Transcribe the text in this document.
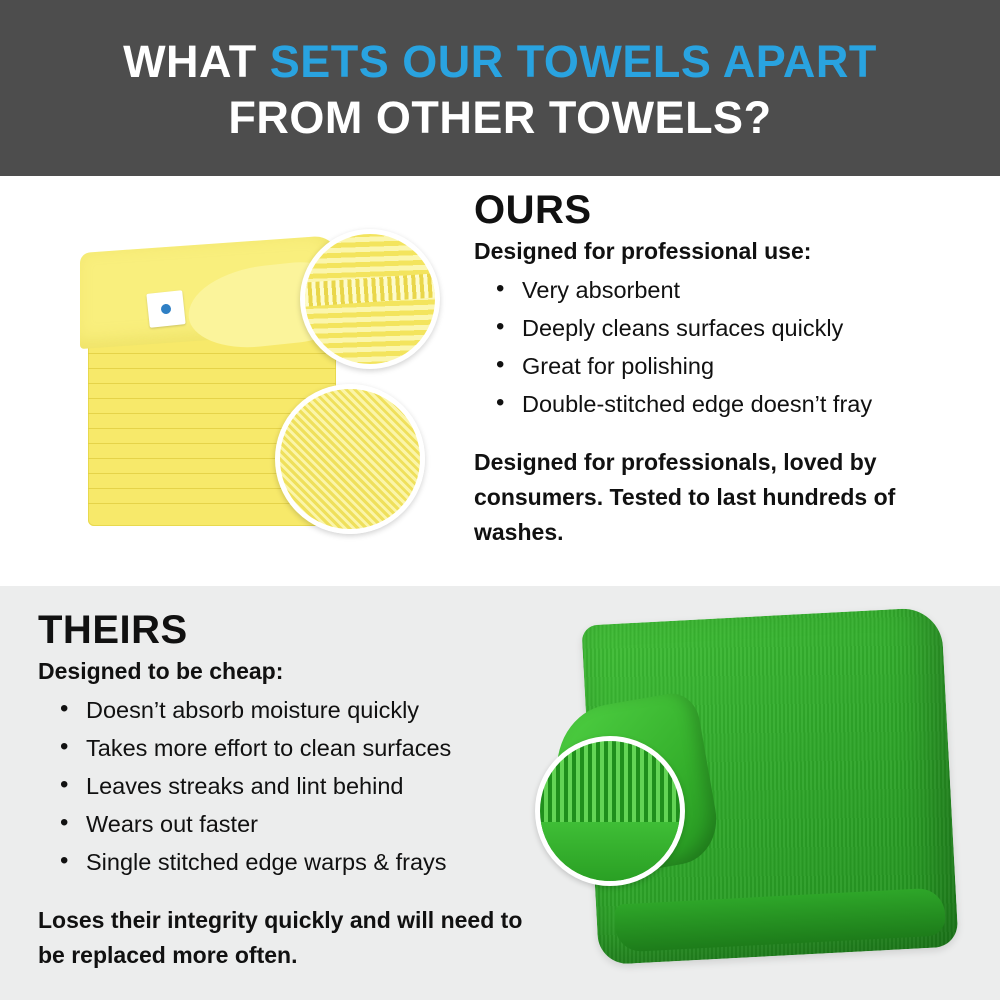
WHAT SETS OUR TOWELS APART
FROM OTHER TOWELS?
OURS
Designed for professional use:
• Very absorbent
• Deeply cleans surfaces quickly
• Great for polishing
• Double-stitched edge doesn’t fray
Designed for professionals, loved by consumers. Tested to last hundreds of washes.
THEIRS
Designed to be cheap:
• Doesn’t absorb moisture quickly
• Takes more effort to clean surfaces
• Leaves streaks and lint behind
• Wears out faster
• Single stitched edge warps & frays
Loses their integrity quickly and will need to be replaced more often.
